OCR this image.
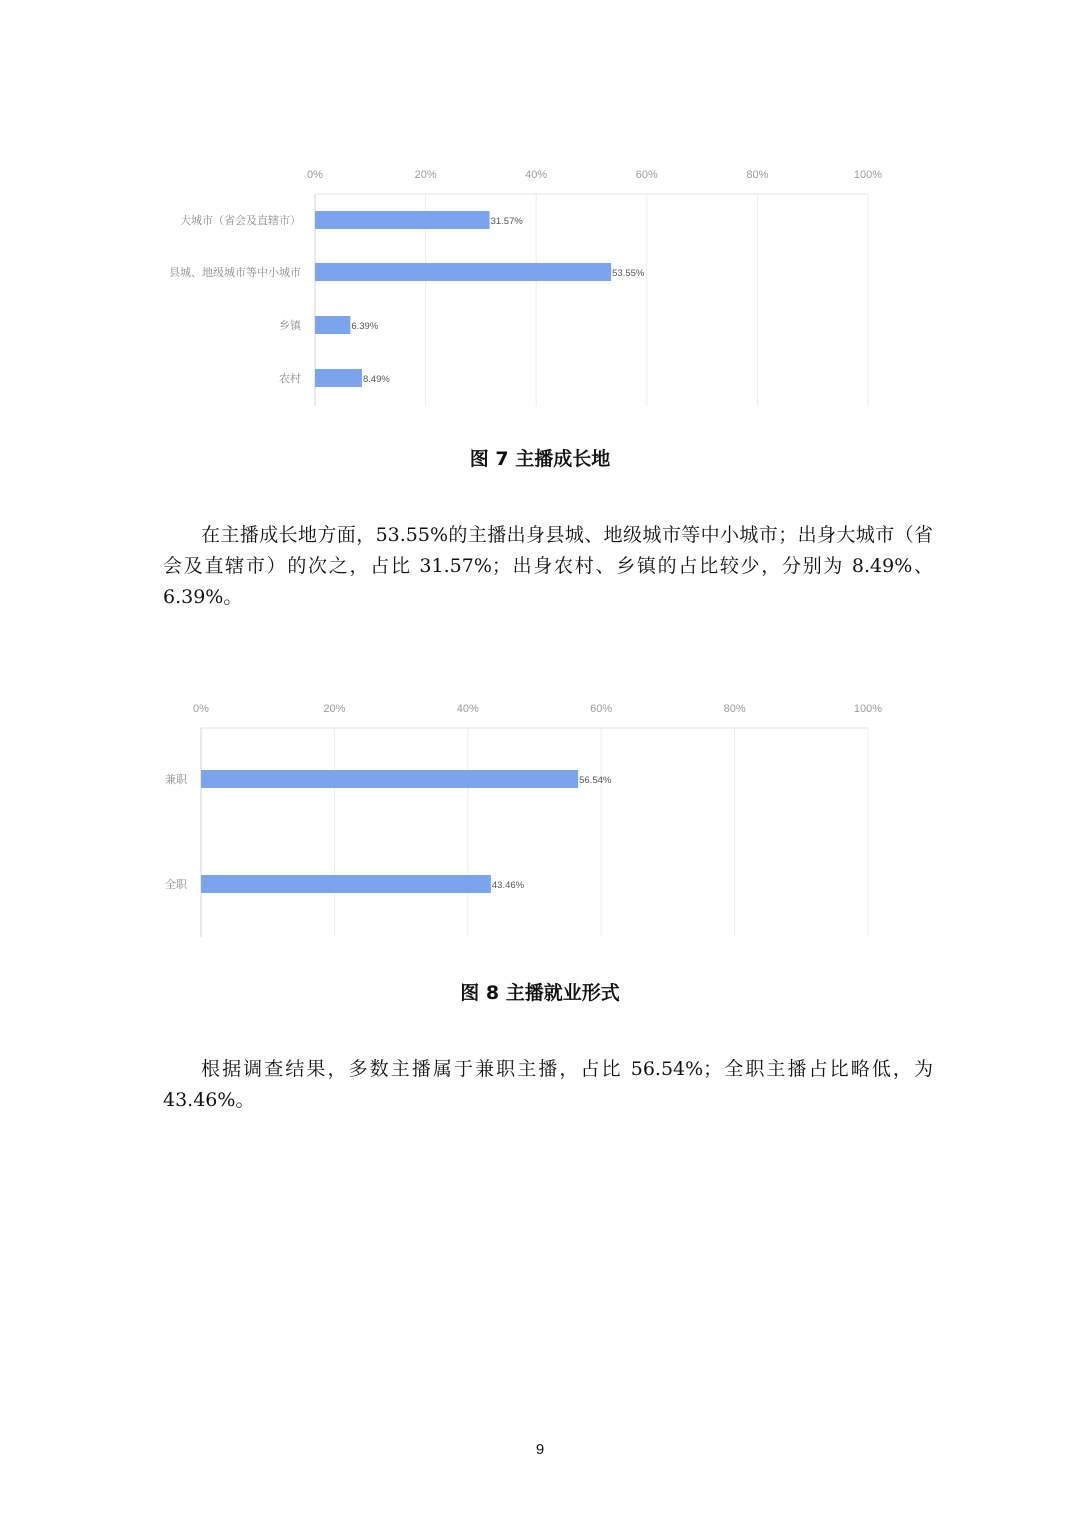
0%	20%	40%	60%	80%	100%
大城市（省会及直辖市）	31.57%
县城、地级城市等中小城市	53.55%
乡镇	6.39%
农村	8.49%
图 7 主播成长地

在主播成长地方面，53.55%的主播出身县城、地级城市等中小城市；出身大城市（省会及直辖市）的次之，占比 31.57%；出身农村、乡镇的占比较少，分别为 8.49%、6.39%。

0%	20%	40%	60%	80%	100%
兼职	56.54%
全职	43.46%
图 8 主播就业形式

根据调查结果，多数主播属于兼职主播，占比 56.54%；全职主播占比略低，为 43.46%。

9
